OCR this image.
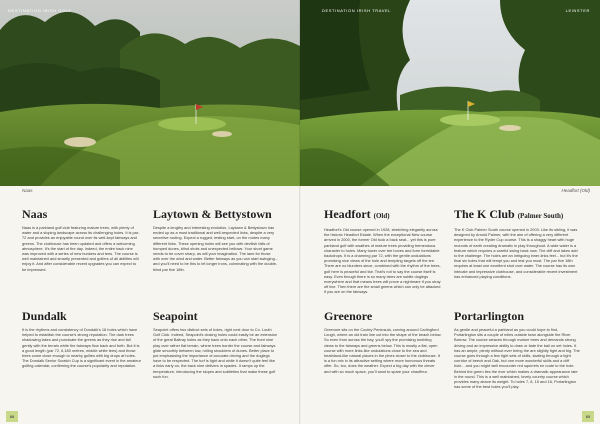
DESTINATION IRISH GOLF
Naas
Naas

Naas is a parkland golf club featuring mature trees, with plenty of water and a sloping landscape across its challenging holes. It is par-72 and provides an enjoyable round over its well-kept fairways and greens. The clubhouse has been updated and offers a welcoming atmosphere. It's the start of the day. Indeed, the entire back nine was improved with a series of new bunkers and tees. The course is well maintained and smartly presented and golfers of all abilities will enjoy it. And after considerable recent upgrades you can expect to be impressed.

Laytown & Bettystown

Despite a lengthy and interesting evolution, Laytown & Bettystown has ended up as a most traditional and well-respected links, despite a very secretive routing. Expect a rugged, testing start, on the routes many different links. These opening holes will see you with devilish falls of humped dunes, blind shots and unexpected bellows. Your short game needs to be cover sharp, as will your imagination. The lane for those with over the wind and water. Better fairways as you can start swinging... and you'll need to be this to let longer irons, culminating with the double-blind par five 18th.

Dundalk

It is the rhythms and consistency of Dundalk's 18 holes which have helped to establish the course's strong reputation. The dark trees shadowing lakes and punctuate the greens as they rise and fall gently with the terrain while the fairways flow back and forth. But it is a good length (par 72, 6,180 metres, middle white tees) and those trees come close enough to nearby gullies with big drops at holes. The Dundalk Senior Scratch Cup is a significant event in the amateur golfing calendar, confirming the course's popularity and reputation.

Seapoint

Seapoint offers two distinct sets of holes, right next door to Co. Louth Golf Club. Indeed, Seapoint's closing holes could easily be an extension of the great Baltray holes as they back onto each other. The front nine play over rather flat terrain, where trees border the course and fairways glide smoothly between low, rolling shoulders of dunes. Better place to put emphasising the importance of accurate driving and the doglegs have to be respected. The turf is tight and while it doesn't quite feel like a links early on, the back nine delivers in spades. It ramps up the temperature, introducing the slopes and subtleties that make these golf such fun.

68
DESTINATION IRISH TRAVEL	LEINSTER
Headfort (Old)
Headfort (Old)

Headfort's Old course opened in 1928, stretching elegantly across the historic Headfort Estate. When the exceptional New course arrived in 2000, the former Old took a back seat... yet this is pure parkland golf with swathes of mature trees providing tremendous character to holes. Many tower over tee boxes and form formidable backdrops. It is a charming par 72, with the gentle undulations promising nice views of the hole and tempting targets off the tee. There are no blunders since, combined with the rhythm of the trees, golf here is peaceful and fair. That's not to say the course itself is easy. Even though there is so many trees are subtle doglegs everywhere and that means trees will prove a nightmare if you stray off line. Then there are the small greens which can only be attacked if you are on the fairways.

The K Club (Palmer South)

The K Club Palmer South course opened in 2003. Like its sibling, it was designed by Arnold Palmer, with the aim of offering a very different experience to the Ryder Cup course. This is a shaggy heart with huge mounds of earth creating dramatic in play throughout. A wide water is a feature which requires a careful swing back now. The cliff and lakes add to the challenge. The holes are an intriguing inner-links feel... but it's the final six holes that will tempt you and test you most. The par five 18th requires at least one excellent shot over water. The course has its own intricate and impressive clubhouse, and considerable recent investment has enhanced playing conditions.

Greenore

Greenore sits on the Cooley Peninsula, curving around Carlingford Lough, where an old train line cut into the shape of the beach below. So even from across the bay, you'll spy the promising tumbling views to the fairways and greens below. This is mostly a flat, open course with more links-like undulations close to the sea and heathland-like natural places in the pines closer to the clubhouse. It is a fun mix in its attractive setting where more humorous threats offer. So, too, does the weather. Expect a big day with the clever and with so much space, you'll want to spare your chauffeur.

Portarlington

As gentle and peaceful a parkland as you could hope to find, Portarlington sits a couple of miles outside town alongside the River Barrow. The course weaves through mature trees and demands strong driving and an impressive ability to draw or fade the ball on set holes. It has an ample, plenty without ever being the are slightly tight and big. The course goes through a few tight sets of skills, skating through a tight corridor of beech and Oak, but one more wonderful skills and a cliff hole... and you might well encounter red squirrels en route to the hole. Behind the green lies the river which makes a dramatic appearance late in the round. This is a well maintained, lovely country course which provides many above its weight. To holes 7, 8, 15 and 16, Portarlington has some of the best holes you'll play.

69
